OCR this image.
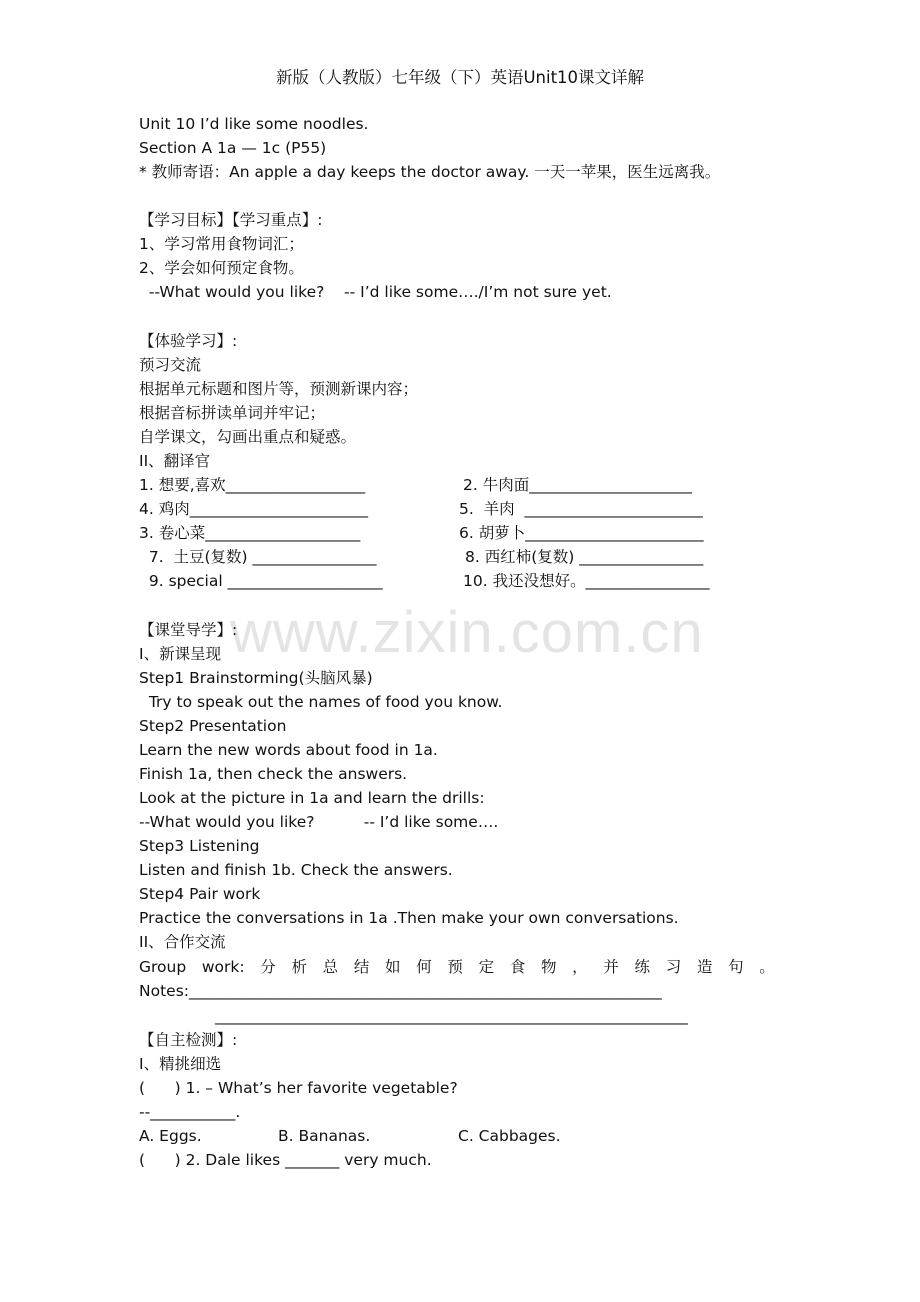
新版（人教版）七年级（下）英语Unit10课文详解
Unit 10 I’d like some noodles.
Section A 1a — 1c (P55)
* 教师寄语：An apple a day keeps the doctor away. 一天一苹果，医生远离我。
【学习目标】【学习重点】:
1、学习常用食物词汇；
2、学会如何预定食物。
--What would you like?    -- I’d like some…./I’m not sure yet.
【体验学习】:
预习交流
根据单元标题和图片等，预测新课内容；
根据音标拼读单词并牢记；
自学课文，勾画出重点和疑惑。
II、翻译官
1. 想要,喜欢__________________	2. 牛肉面_____________________
4. 鸡肉_______________________	5.  羊肉  _______________________
3. 卷心菜____________________	6. 胡萝卜_______________________
7.  土豆(复数) ________________	8. 西红柿(复数) ________________
9. special ____________________	10. 我还没想好。________________
www.zixin.com.cn
【课堂导学】:
I、新课呈现
Step1 Brainstorming(头脑风暴)
Try to speak out the names of food you know.
Step2 Presentation
Learn the new words about food in 1a.
Finish 1a, then check the answers.
Look at the picture in 1a and learn the drills:
--What would you like?          -- I’d like some….
Step3 Listening
Listen and finish 1b. Check the answers.
Step4 Pair work
Practice the conversations in 1a .Then make your own conversations.
II、合作交流
Group work: 分 析 总 结 如 何 预 定 食 物 ， 并 练 习 造 句 。
Notes:_____________________________________________________________
_____________________________________________________________
【自主检测】:
I、精挑细选
(      ) 1. – What’s her favorite vegetable?
--___________.
A. Eggs.	B. Bananas.	C. Cabbages.
(      ) 2. Dale likes _______ very much.
